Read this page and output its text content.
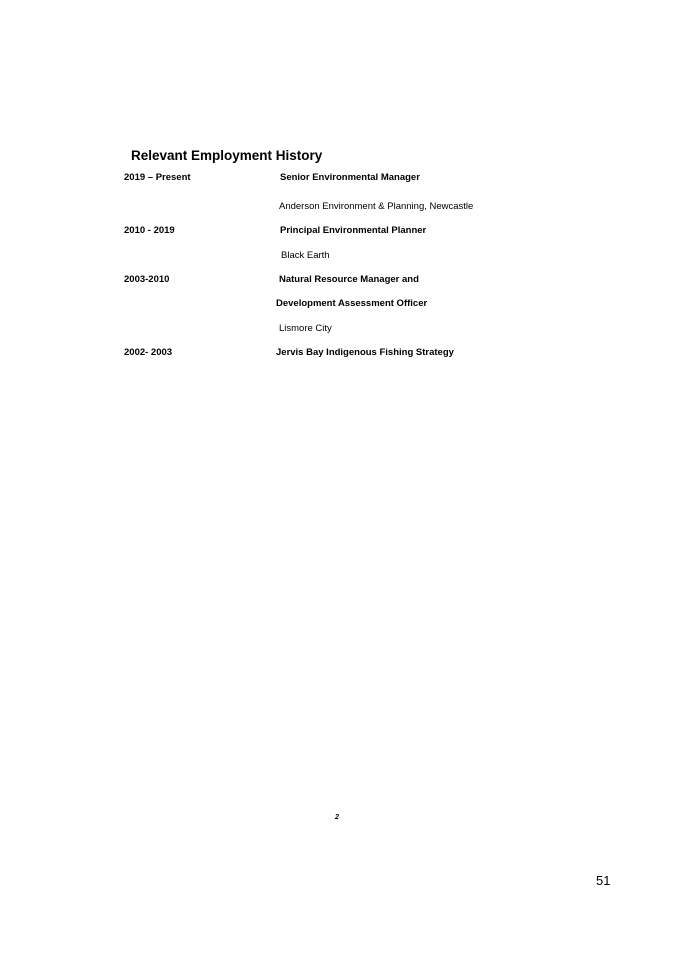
Relevant Employment History
2019 – Present	Senior Environmental Manager
Anderson Environment & Planning, Newcastle
2010 - 2019	Principal Environmental Planner
Black Earth
2003-2010	Natural Resource Manager and
Development Assessment Officer
Lismore City
2002- 2003	Jervis Bay Indigenous Fishing Strategy
2
51
